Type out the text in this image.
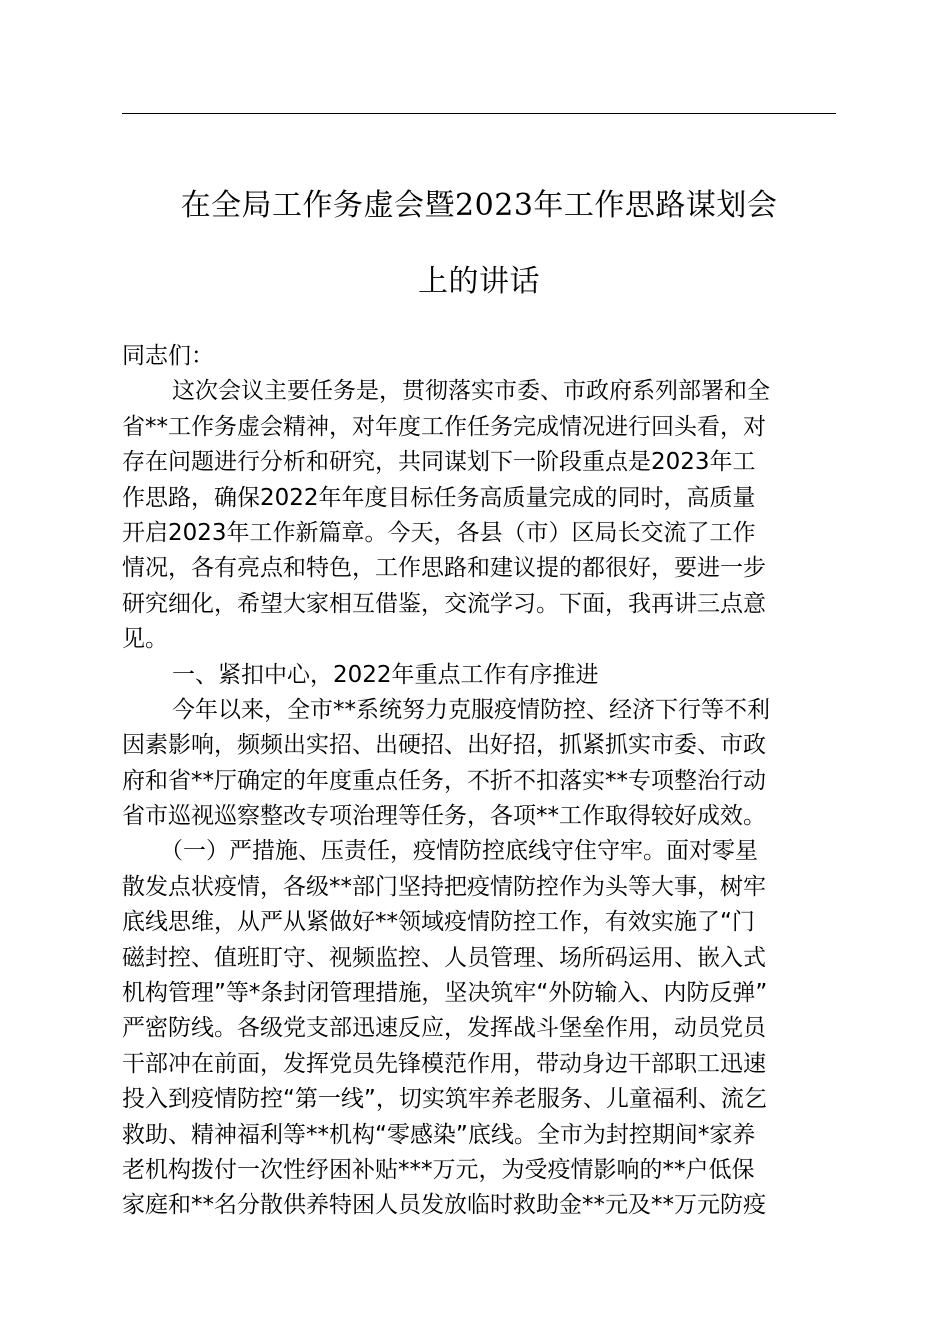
在全局工作务虚会暨2023年工作思路谋划会
上的讲话
同志们：
这次会议主要任务是，贯彻落实市委、市政府系列部署和全
省**工作务虚会精神，对年度工作任务完成情况进行回头看，对
存在问题进行分析和研究，共同谋划下一阶段重点是2023年工
作思路，确保2022年年度目标任务高质量完成的同时，高质量
开启2023年工作新篇章。今天，各县（市）区局长交流了工作
情况，各有亮点和特色，工作思路和建议提的都很好，要进一步
研究细化，希望大家相互借鉴，交流学习。下面，我再讲三点意
见。
一、紧扣中心，2022年重点工作有序推进
今年以来，全市**系统努力克服疫情防控、经济下行等不利
因素影响，频频出实招、出硬招、出好招，抓紧抓实市委、市政
府和省**厅确定的年度重点任务，不折不扣落实**专项整治行动
省市巡视巡察整改专项治理等任务，各项**工作取得较好成效。
（一）严措施、压责任，疫情防控底线守住守牢。面对零星
散发点状疫情，各级**部门坚持把疫情防控作为头等大事，树牢
底线思维，从严从紧做好**领域疫情防控工作，有效实施了“门
磁封控、值班盯守、视频监控、人员管理、场所码运用、嵌入式
机构管理”等*条封闭管理措施，坚决筑牢“外防输入、内防反弹”
严密防线。各级党支部迅速反应，发挥战斗堡垒作用，动员党员
干部冲在前面，发挥党员先锋模范作用，带动身边干部职工迅速
投入到疫情防控“第一线”，切实筑牢养老服务、儿童福利、流乞
救助、精神福利等**机构“零感染”底线。全市为封控期间*家养
老机构拨付一次性纾困补贴***万元，为受疫情影响的**户低保
家庭和**名分散供养特困人员发放临时救助金**元及**万元防疫
